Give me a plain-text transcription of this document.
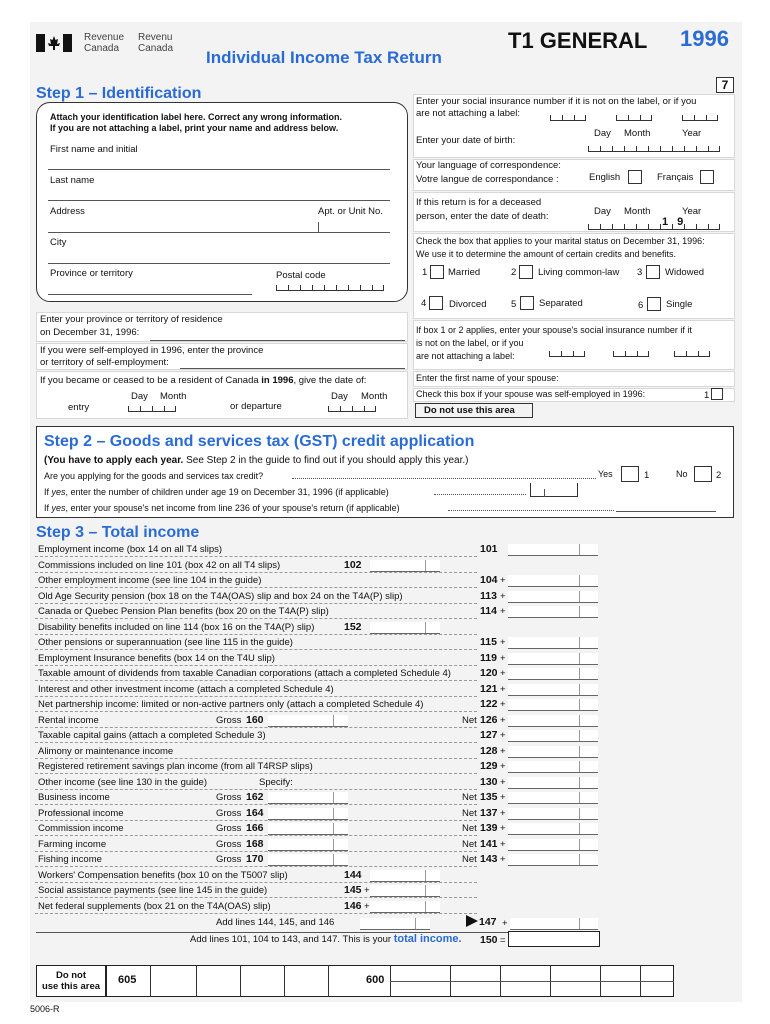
Revenue
Canada
Revenu
Canada	T1 GENERAL 1996
Individual Income Tax Return
7
Step 1 – Identification
Attach your identification label here. Correct any wrong information.
If you are not attaching a label, print your name and address below.
First name and initial
Last name
Address	Apt. or Unit No.
City
Province or territory	Postal code
Enter your province or territory of residence
on December 31, 1996:
If you were self-employed in 1996, enter the province
or territory of self-employment:
If you became or ceased to be a resident of Canada in 1996, give the date of:
Day Month
entry	or departure
Day Month
Enter your social insurance number if it is not on the label, or if you
are not attaching a label:
Day Month	Year
Enter your date of birth:
Your language of correspondence:
Votre langue de correspondance :	English	Français
If this return is for a deceased
person, enter the date of death:	Day Month	Year
1 9
Check the box that applies to your marital status on December 31, 1996:
We use it to determine the amount of certain credits and benefits.
1 Married	2 Living common-law 3 Widowed
4 Divorced	5 Separated	6 Single
If box 1 or 2 applies, enter your spouse's social insurance number if it
is not on the label, or if you
are not attaching a label:
Enter the first name of your spouse:
Check this box if your spouse was self-employed in 1996:	1
Do not use this area
Step 2 – Goods and services tax (GST) credit application
(You have to apply each year. See Step 2 in the guide to find out if you should apply this year.)
Are you applying for the goods and services tax credit?	Yes	1	No	2
If yes, enter the number of children under age 19 on December 31, 1996 (if applicable)
If yes, enter your spouse's net income from line 236 of your spouse's return (if applicable)
Step 3 – Total income
Employment income (box 14 on all T4 slips)	101
Commissions included on line 101 (box 42 on all T4 slips)	102
Other employment income (see line 104 in the guide)	104 +
Old Age Security pension (box 18 on the T4A(OAS) slip and box 24 on the T4A(P) slip)	113 +
Canada or Quebec Pension Plan benefits (box 20 on the T4A(P) slip)	114 +
Disability benefits included on line 114 (box 16 on the T4A(P) slip)	152
Other pensions or superannuation (see line 115 in the guide)	115 +
Employment Insurance benefits (box 14 on the T4U slip)	119 +
Taxable amount of dividends from taxable Canadian corporations (attach a completed Schedule 4)	120 +
Interest and other investment income (attach a completed Schedule 4)	121 +
Net partnership income: limited or non-active partners only (attach a completed Schedule 4)	122 +
Rental income	Gross 160	Net 126 +
Taxable capital gains (attach a completed Schedule 3)	127 +
Alimony or maintenance income	128 +
Registered retirement savings plan income (from all T4RSP slips)	129 +
Other income (see line 130 in the guide)	Specify:	130 +
Business income	Gross 162	Net 135 +
Professional income	Gross 164	Net 137 +
Commission income	Gross 166	Net 139 +
Farming income	Gross 168	Net 141 +
Fishing income	Gross 170	Net 143 +
Workers' Compensation benefits (box 10 on the T5007 slip)	144
Social assistance payments (see line 145 in the guide)	145 +
Net federal supplements (box 21 on the T4A(OAS) slip)	146 +
Add lines 144, 145, and 146	147 +
Add lines 101, 104 to 143, and 147. This is your total income. 150 =
Do not
use this area
605	600
5006-R
